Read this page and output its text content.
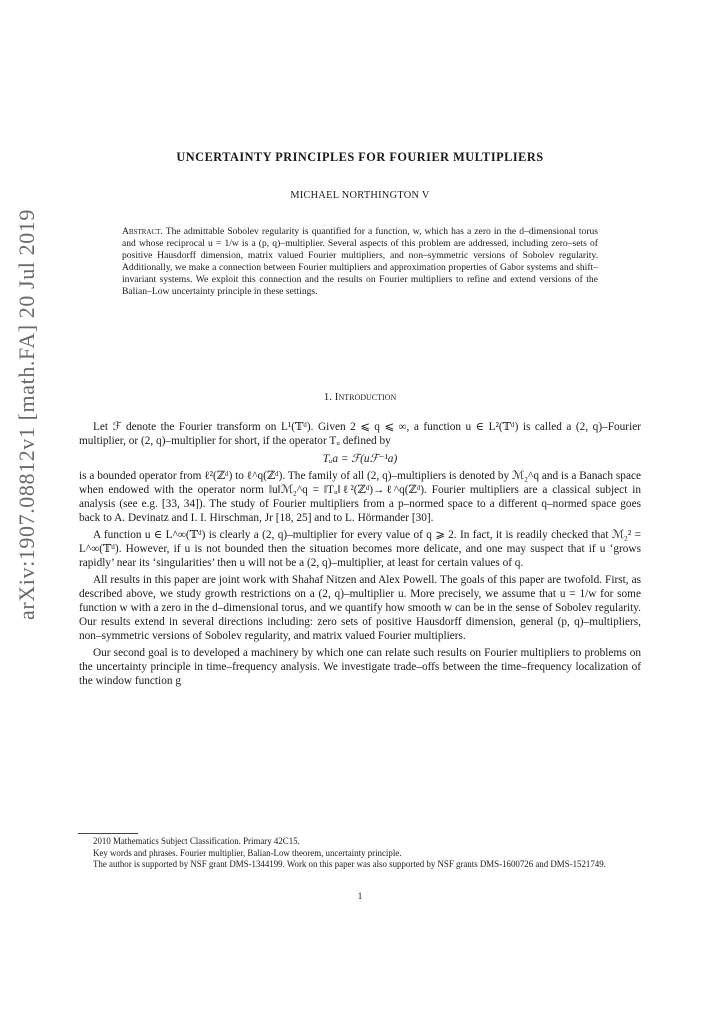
arXiv:1907.08812v1 [math.FA] 20 Jul 2019
UNCERTAINTY PRINCIPLES FOR FOURIER MULTIPLIERS
MICHAEL NORTHINGTON V
Abstract. The admittable Sobolev regularity is quantified for a function, w, which has a zero in the d–dimensional torus and whose reciprocal u = 1/w is a (p, q)–multiplier. Several aspects of this problem are addressed, including zero–sets of positive Hausdorff dimension, matrix valued Fourier multipliers, and non–symmetric versions of Sobolev regularity. Additionally, we make a connection between Fourier multipliers and approximation properties of Gabor systems and shift–invariant systems. We exploit this connection and the results on Fourier multipliers to refine and extend versions of the Balian–Low uncertainty principle in these settings.
1. Introduction

Let ℱ denote the Fourier transform on L¹(𝕋ᵈ). Given 2 ⩽ q ⩽ ∞, a function u ∈ L²(𝕋ᵈ) is called a (2, q)–Fourier multiplier, or (2, q)–multiplier for short, if the operator Tᵤ defined by

Tᵤa = ℱ(uℱ⁻¹a)

is a bounded operator from ℓ²(ℤᵈ) to ℓ^q(ℤᵈ). The family of all (2, q)–multipliers is denoted by ℳ₂^q and is a Banach space when endowed with the operator norm ‖u‖ℳ₂^q = ‖Tᵤ‖ℓ²(ℤᵈ)→ℓ^q(ℤᵈ). Fourier multipliers are a classical subject in analysis (see e.g. [33, 34]). The study of Fourier multipliers from a p–normed space to a different q–normed space goes back to A. Devinatz and I. I. Hirschman, Jr [18, 25] and to L. Hörmander [30].

A function u ∈ L^∞(𝕋ᵈ) is clearly a (2, q)–multiplier for every value of q ⩾ 2. In fact, it is readily checked that ℳ₂² = L^∞(𝕋ᵈ). However, if u is not bounded then the situation becomes more delicate, and one may suspect that if u ‘grows rapidly’ near its ‘singularities’ then u will not be a (2, q)–multiplier, at least for certain values of q.

All results in this paper are joint work with Shahaf Nitzen and Alex Powell. The goals of this paper are twofold. First, as described above, we study growth restrictions on a (2, q)–multiplier u. More precisely, we assume that u = 1/w for some function w with a zero in the d–dimensional torus, and we quantify how smooth w can be in the sense of Sobolev regularity. Our results extend in several directions including: zero sets of positive Hausdorff dimension, general (p, q)–multipliers, non–symmetric versions of Sobolev regularity, and matrix valued Fourier multipliers.

Our second goal is to developed a machinery by which one can relate such results on Fourier multipliers to problems on the uncertainty principle in time–frequency analysis. We investigate trade–offs between the time–frequency localization of the window function g

2010 Mathematics Subject Classification. Primary 42C15.

Key words and phrases. Fourier multiplier, Balian-Low theorem, uncertainty principle.

The author is supported by NSF grant DMS-1344199. Work on this paper was also supported by NSF grants DMS-1600726 and DMS-1521749.

1
